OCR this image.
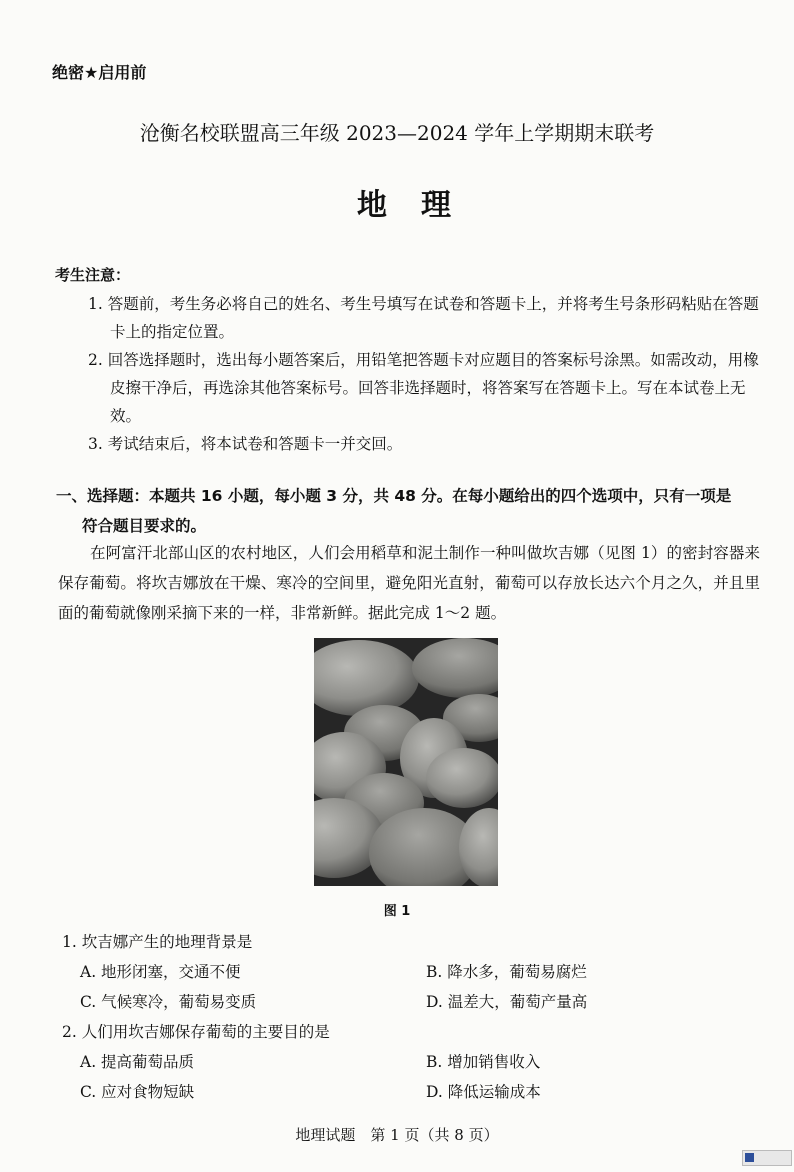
绝密★启用前
沧衡名校联盟高三年级 2023—2024 学年上学期期末联考
地理
考生注意：
1. 答题前，考生务必将自己的姓名、考生号填写在试卷和答题卡上，并将考生号条形码粘贴在答题卡上的指定位置。
2. 回答选择题时，选出每小题答案后，用铅笔把答题卡对应题目的答案标号涂黑。如需改动，用橡皮擦干净后，再选涂其他答案标号。回答非选择题时，将答案写在答题卡上。写在本试卷上无效。
3. 考试结束后，将本试卷和答题卡一并交回。
一、选择题：本题共 16 小题，每小题 3 分，共 48 分。在每小题给出的四个选项中，只有一项是
符合题目要求的。
在阿富汗北部山区的农村地区，人们会用稻草和泥土制作一种叫做坎吉娜（见图 1）的密封容器来保存葡萄。将坎吉娜放在干燥、寒冷的空间里，避免阳光直射，葡萄可以存放长达六个月之久，并且里面的葡萄就像刚采摘下来的一样，非常新鲜。据此完成 1～2 题。
图 1
1. 坎吉娜产生的地理背景是
A. 地形闭塞，交通不便	B. 降水多，葡萄易腐烂
C. 气候寒冷，葡萄易变质	D. 温差大，葡萄产量高
2. 人们用坎吉娜保存葡萄的主要目的是
A. 提高葡萄品质	B. 增加销售收入
C. 应对食物短缺	D. 降低运输成本
地理试题　第 1 页（共 8 页）
